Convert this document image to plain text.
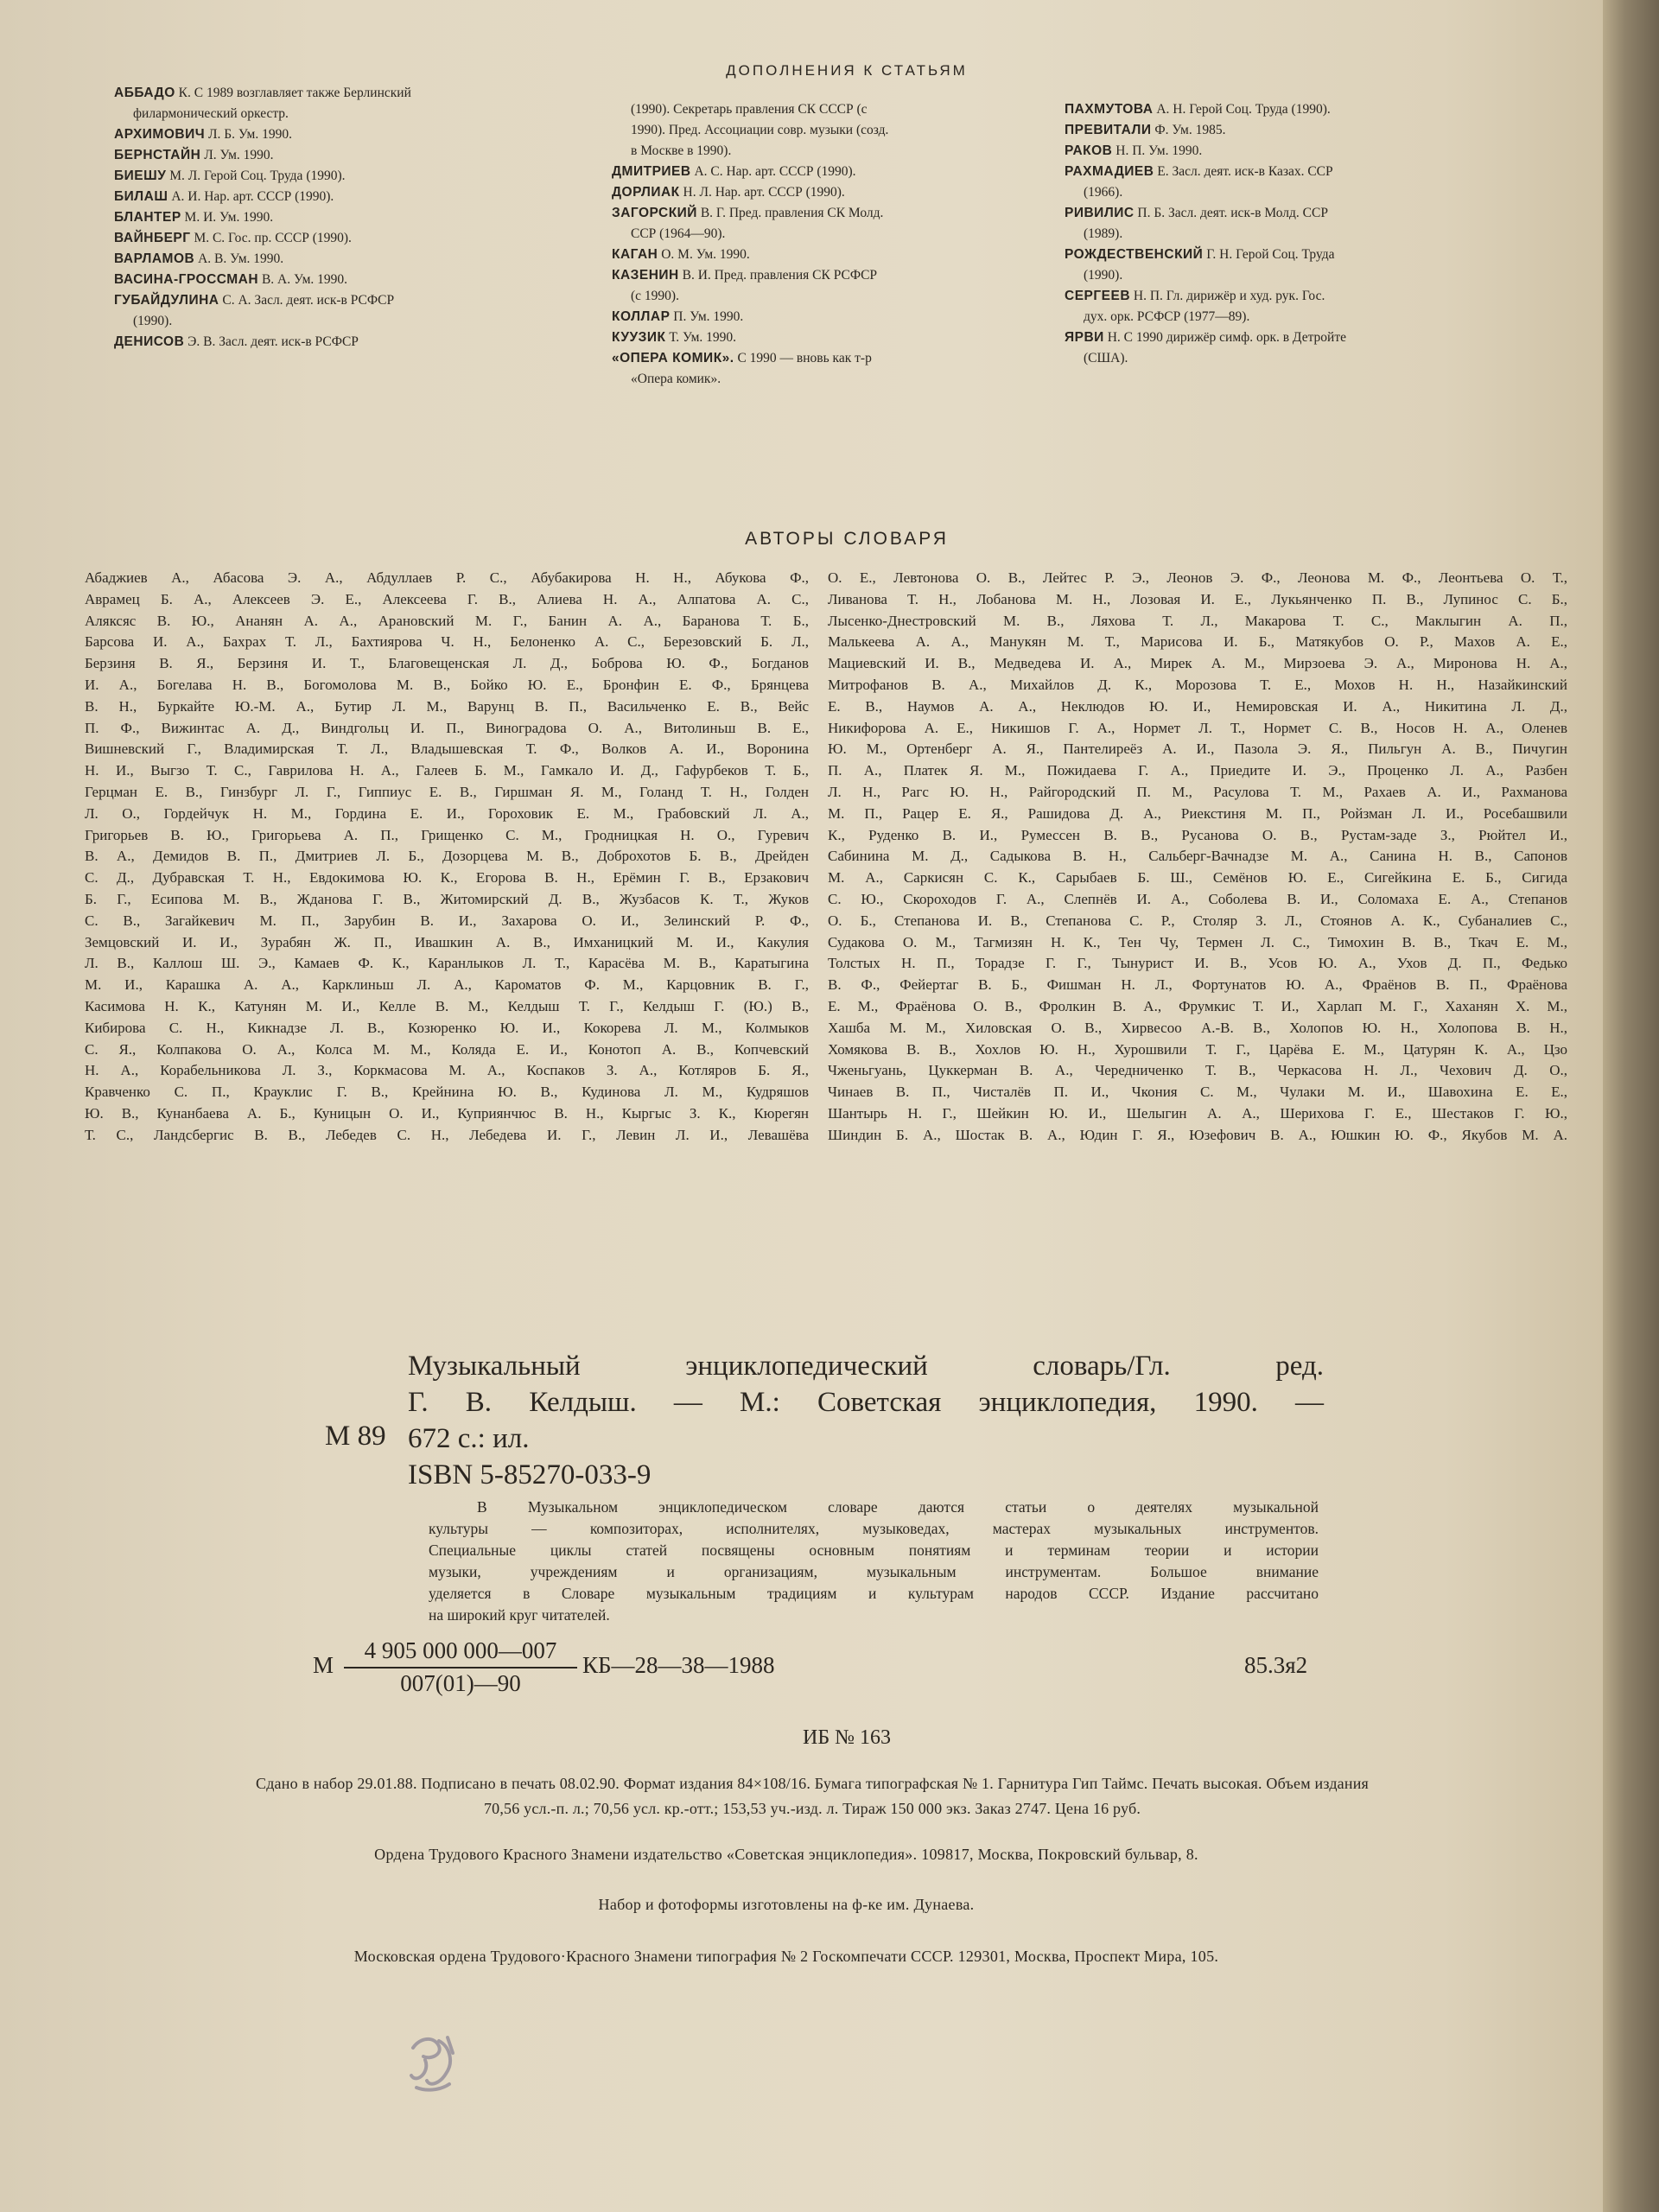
ДОПОЛНЕНИЯ К СТАТЬЯМ

АББАДО К. С 1989 возглавляет также Берлинский

филармонический оркестр.

АРХИМОВИЧ Л. Б. Ум. 1990.

БЕРНСТАЙН Л. Ум. 1990.

БИЕШУ М. Л. Герой Соц. Труда (1990).

БИЛАШ А. И. Нар. арт. СССР (1990).

БЛАНТЕР М. И. Ум. 1990.

ВАЙНБЕРГ М. С. Гос. пр. СССР (1990).

ВАРЛАМОВ А. В. Ум. 1990.

ВАСИНА-ГРОССМАН В. А. Ум. 1990.

ГУБАЙДУЛИНА С. А. Засл. деят. иск-в РСФСР

(1990).

ДЕНИСОВ Э. В. Засл. деят. иск-в РСФСР

(1990). Секретарь правления СК СССР (с

1990). Пред. Ассоциации совр. музыки (созд.

в Москве в 1990).

ДМИТРИЕВ А. С. Нар. арт. СССР (1990).

ДОРЛИАК Н. Л. Нар. арт. СССР (1990).

ЗАГОРСКИЙ В. Г. Пред. правления СК Молд.

ССР (1964—90).

КАГАН О. М. Ум. 1990.

КАЗЕНИН В. И. Пред. правления СК РСФСР

(с 1990).

КОЛЛАР П. Ум. 1990.

КУУЗИК Т. Ум. 1990.

«ОПЕРА КОМИК». С 1990 — вновь как т-р

«Опера комик».

ПАХМУТОВА А. Н. Герой Соц. Труда (1990).

ПРЕВИТАЛИ Ф. Ум. 1985.

РАКОВ Н. П. Ум. 1990.

РАХМАДИЕВ Е. Засл. деят. иск-в Казах. ССР

(1966).

РИВИЛИС П. Б. Засл. деят. иск-в Молд. ССР

(1989).

РОЖДЕСТВЕНСКИЙ Г. Н. Герой Соц. Труда

(1990).

СЕРГЕЕВ Н. П. Гл. дирижёр и худ. рук. Гос.

дух. орк. РСФСР (1977—89).

ЯРВИ Н. С 1990 дирижёр симф. орк. в Детройте

(США).

АВТОРЫ СЛОВАРЯ

Абаджиев А., Абасова Э. А., Абдуллаев Р. С., Абубакирова Н. Н., Абукова Ф.,

Аврамец Б. А., Алексеев Э. Е., Алексеева Г. В., Алиева Н. А., Алпатова А. С.,

Аляксяс В. Ю., Ананян А. А., Арановский М. Г., Банин А. А., Баранова Т. Б.,

Барсова И. А., Бахрах Т. Л., Бахтиярова Ч. Н., Белоненко А. С., Березовский Б. Л.,

Берзиня В. Я., Берзиня И. Т., Благовещенская Л. Д., Боброва Ю. Ф., Богданов

И. А., Богелава Н. В., Богомолова М. В., Бойко Ю. Е., Бронфин Е. Ф., Брянцева

В. Н., Буркайте Ю.-М. А., Бутир Л. М., Варунц В. П., Васильченко Е. В., Вейс

П. Ф., Вижинтас А. Д., Виндгольц И. П., Виноградова О. А., Витолиньш В. Е.,

Вишневский Г., Владимирская Т. Л., Владышевская Т. Ф., Волков А. И., Воронина

Н. И., Выгзо Т. С., Гаврилова Н. А., Галеев Б. М., Гамкало И. Д., Гафурбеков Т. Б.,

Герцман Е. В., Гинзбург Л. Г., Гиппиус Е. В., Гиршман Я. М., Голанд Т. Н., Голден

Л. О., Гордейчук Н. М., Гордина Е. И., Гороховик Е. М., Грабовский Л. А.,

Григорьев В. Ю., Григорьева А. П., Грищенко С. М., Гродницкая Н. О., Гуревич

В. А., Демидов В. П., Дмитриев Л. Б., Дозорцева М. В., Доброхотов Б. В., Дрейден

С. Д., Дубравская Т. Н., Евдокимова Ю. К., Егорова В. Н., Ерёмин Г. В., Ерзакович

Б. Г., Есипова М. В., Жданова Г. В., Житомирский Д. В., Жузбасов К. Т., Жуков

С. В., Загайкевич М. П., Зарубин В. И., Захарова О. И., Зелинский Р. Ф.,

Земцовский И. И., Зурабян Ж. П., Ивашкин А. В., Имханицкий М. И., Какулия

Л. В., Каллош Ш. Э., Камаев Ф. К., Каранлыков Л. Т., Карасёва М. В., Каратыгина

М. И., Карашка А. А., Карклиньш Л. А., Кароматов Ф. М., Карцовник В. Г.,

Касимова Н. К., Катунян М. И., Келле В. М., Келдыш Т. Г., Келдыш Г. (Ю.) В.,

Кибирова С. Н., Кикнадзе Л. В., Козюренко Ю. И., Кокорева Л. М., Колмыков

С. Я., Колпакова О. А., Колса М. М., Коляда Е. И., Конотоп А. В., Копчевский

Н. А., Корабельникова Л. З., Коркмасова М. А., Коспаков З. А., Котляров Б. Я.,

Кравченко С. П., Крауклис Г. В., Крейнина Ю. В., Кудинова Л. М., Кудряшов

Ю. В., Кунанбаева А. Б., Куницын О. И., Куприянчюс В. Н., Кыргыс З. К., Кюрегян

Т. С., Ландсбергис В. В., Лебедев С. Н., Лебедева И. Г., Левин Л. И., Левашёва

О. Е., Левтонова О. В., Лейтес Р. Э., Леонов Э. Ф., Леонова М. Ф., Леонтьева О. Т.,

Ливанова Т. Н., Лобанова М. Н., Лозовая И. Е., Лукьянченко П. В., Лупинос С. Б.,

Лысенко-Днестровский М. В., Ляхова Т. Л., Макарова Т. С., Маклыгин А. П.,

Малькеева А. А., Манукян М. Т., Марисова И. Б., Матякубов О. Р., Махов А. Е.,

Мациевский И. В., Медведева И. А., Мирек А. М., Мирзоева Э. А., Миронова Н. А.,

Митрофанов В. А., Михайлов Д. К., Морозова Т. Е., Мохов Н. Н., Назайкинский

Е. В., Наумов А. А., Неклюдов Ю. И., Немировская И. А., Никитина Л. Д.,

Никифорова А. Е., Никишов Г. А., Нормет Л. Т., Нормет С. В., Носов Н. А., Оленев

Ю. М., Ортенберг А. Я., Пантелиреёз А. И., Пазола Э. Я., Пильгун А. В., Пичугин

П. А., Платек Я. М., Пожидаева Г. А., Приедите И. Э., Проценко Л. А., Разбен

Л. Н., Рагс Ю. Н., Райгородский П. М., Расулова Т. М., Рахаев А. И., Рахманова

М. П., Рацер Е. Я., Рашидова Д. А., Риекстиня М. П., Ройзман Л. И., Росебашвили

К., Руденко В. И., Румессен В. В., Русанова О. В., Рустам-заде З., Рюйтел И.,

Сабинина М. Д., Садыкова В. Н., Сальберг-Вачнадзе М. А., Санина Н. В., Сапонов

М. А., Саркисян С. К., Сарыбаев Б. Ш., Семёнов Ю. Е., Сигейкина Е. Б., Сигида

С. Ю., Скороходов Г. А., Слепнёв И. А., Соболева В. И., Соломаха Е. А., Степанов

О. Б., Степанова И. В., Степанова С. Р., Столяр З. Л., Стоянов А. К., Субаналиев С.,

Судакова О. М., Тагмизян Н. К., Тен Чу, Термен Л. С., Тимохин В. В., Ткач Е. М.,

Толстых Н. П., Торадзе Г. Г., Тынурист И. В., Усов Ю. А., Ухов Д. П., Федько

В. Ф., Фейертаг В. Б., Фишман Н. Л., Фортунатов Ю. А., Фраёнов В. П., Фраёнова

Е. М., Фраёнова О. В., Фролкин В. А., Фрумкис Т. И., Харлап М. Г., Хаханян Х. М.,

Хашба М. М., Хиловская О. В., Хирвесоо А.-В. В., Холопов Ю. Н., Холопова В. Н.,

Хомякова В. В., Хохлов Ю. Н., Хурошвили Т. Г., Царёва Е. М., Цатурян К. А., Цзо

Чженьгуань, Цуккерман В. А., Чередниченко Т. В., Черкасова Н. Л., Чехович Д. О.,

Чинаев В. П., Чисталёв П. И., Чкония С. М., Чулаки М. И., Шавохина Е. Е.,

Шантырь Н. Г., Шейкин Ю. И., Шелыгин А. А., Шерихова Г. Е., Шестаков Г. Ю.,

Шиндин Б. А., Шостак В. А., Юдин Г. Я., Юзефович В. А., Юшкин Ю. Ф., Якубов М. А.

М 89

Музыкальный энциклопедический словарь/Гл. ред.

Г. В. Келдыш. — М.: Советская энциклопедия, 1990. —

672 с.: ил.

ISBN 5-85270-033-9

В Музыкальном энциклопедическом словаре даются статьи о деятелях музыкальной

культуры — композиторах, исполнителях, музыковедах, мастерах музыкальных инструментов.

Специальные циклы статей посвящены основным понятиям и терминам теории и истории

музыки, учреждениям и организациям, музыкальным инструментам. Большое внимание

уделяется в Словаре музыкальным традициям и культурам народов СССР. Издание рассчитано

на широкий круг читателей.

М $\frac{4 905 000 000—007}{007(01)—90}$ КБ—28—38—1988	85.3я2
ИБ № 163

Сдано в набор 29.01.88. Подписано в печать 08.02.90. Формат издания 84×108/16. Бумага типографская № 1. Гарнитура Гип Таймс. Печать высокая. Объем издания

70,56 усл.-п. л.; 70,56 усл. кр.-отт.; 153,53 уч.-изд. л. Тираж 150 000 экз. Заказ 2747. Цена 16 руб.

Ордена Трудового Красного Знамени издательство «Советская энциклопедия». 109817, Москва, Покровский бульвар, 8.
Набор и фотоформы изготовлены на ф-ке им. Дунаева.
Московская ордена Трудового·Красного Знамени типография № 2 Госкомпечати СССР. 129301, Москва, Проспект Мира, 105.
